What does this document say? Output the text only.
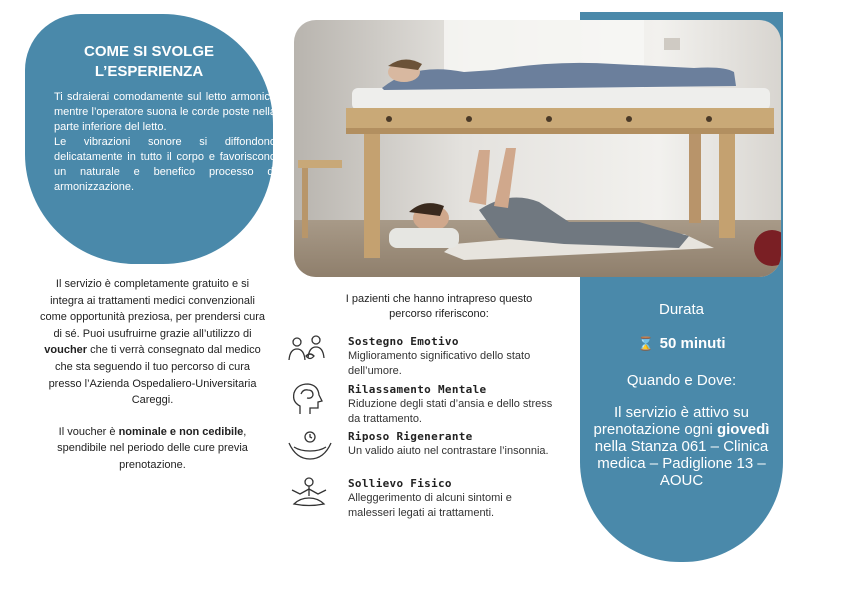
Durata
⌛ 50 minuti
Quando e Dove:
Il servizio è attivo su prenotazione ogni giovedì nella Stanza 061 – Clinica medica – Padiglione 13 – AOUC
COME SI SVOLGE
L’ESPERIENZA

Ti sdraierai comodamente sul letto armonico mentre l’operatore suona le corde poste nella parte inferiore del letto.

Le vibrazioni sonore si diffondono delicatamente in tutto il corpo e favoriscono un naturale e benefico processo di armonizzazione.

Il servizio è completamente gratuito e si integra ai trattamenti medici convenzionali come opportunità preziosa, per prendersi cura di sé. Puoi usufruirne grazie all’utilizzo di voucher che ti verrà consegnato dal medico che sta seguendo il tuo percorso di cura presso l’Azienda Ospedaliero-Universitaria Careggi.

Il voucher è nominale e non cedibile, spendibile nel periodo delle cure previa prenotazione.

I pazienti che hanno intrapreso questo percorso riferiscono:
Sostegno Emotivo
Miglioramento significativo dello stato dell’umore.
Rilassamento Mentale
Riduzione degli stati d’ansia e dello stress da trattamento.
Riposo Rigenerante
Un valido aiuto nel contrastare l’insonnia.
Sollievo Fisico
Alleggerimento di alcuni sintomi e malesseri legati ai trattamenti.
